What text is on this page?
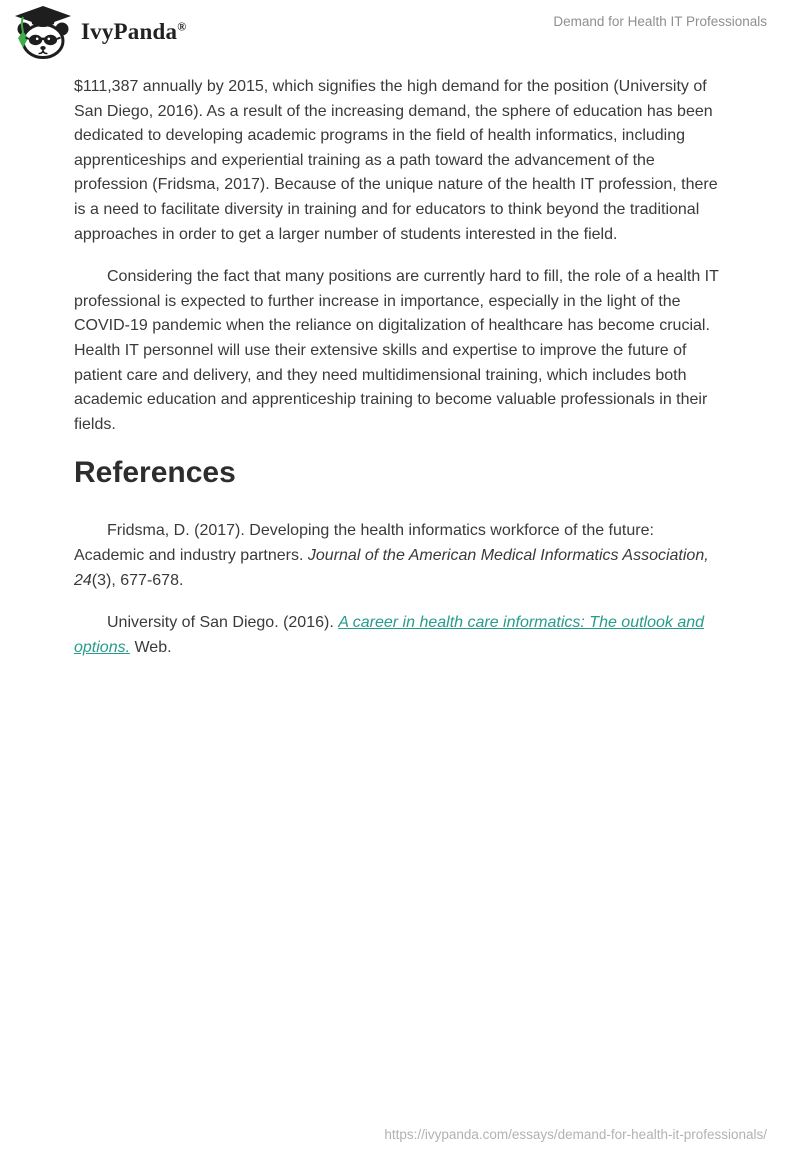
IvyPanda®	Demand for Health IT Professionals

$111,387 annually by 2015, which signifies the high demand for the position (University of San Diego, 2016). As a result of the increasing demand, the sphere of education has been dedicated to developing academic programs in the field of health informatics, including apprenticeships and experiential training as a path toward the advancement of the profession (Fridsma, 2017). Because of the unique nature of the health IT profession, there is a need to facilitate diversity in training and for educators to think beyond the traditional approaches in order to get a larger number of students interested in the field.

Considering the fact that many positions are currently hard to fill, the role of a health IT professional is expected to further increase in importance, especially in the light of the COVID-19 pandemic when the reliance on digitalization of healthcare has become crucial. Health IT personnel will use their extensive skills and expertise to improve the future of patient care and delivery, and they need multidimensional training, which includes both academic education and apprenticeship training to become valuable professionals in their fields.

References

Fridsma, D. (2017). Developing the health informatics workforce of the future: Academic and industry partners. Journal of the American Medical Informatics Association, 24(3), 677-678.

University of San Diego. (2016). A career in health care informatics: The outlook and options. Web.

https://ivypanda.com/essays/demand-for-health-it-professionals/
